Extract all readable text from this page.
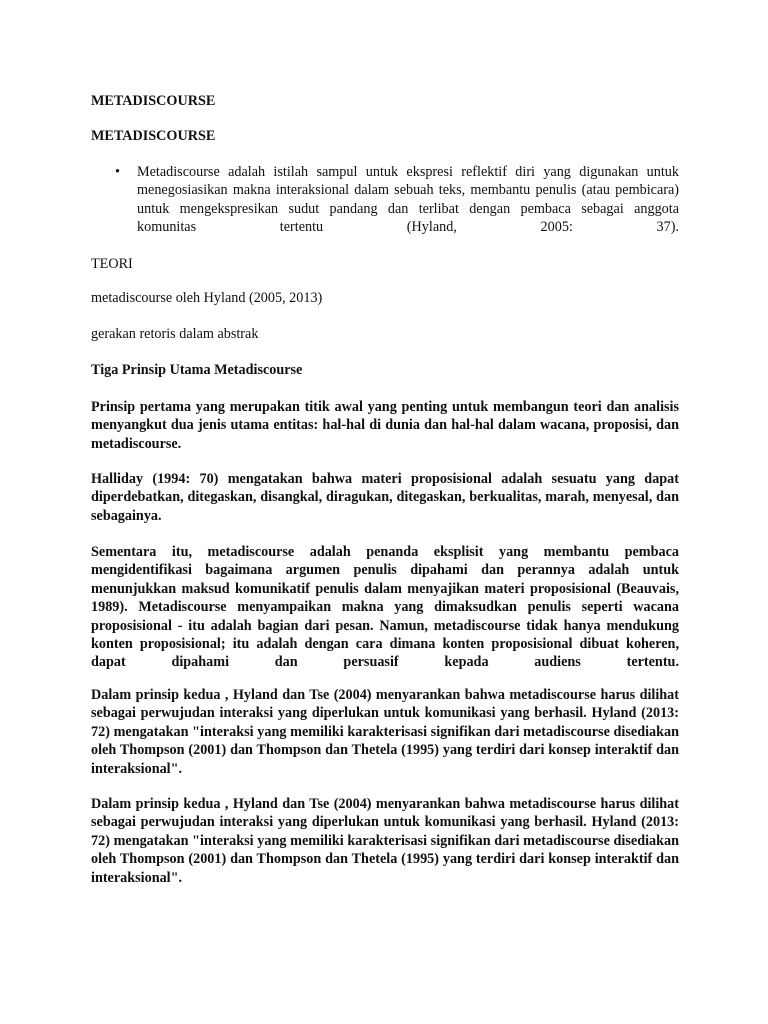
METADISCOURSE

METADISCOURSE

• Metadiscourse adalah istilah sampul untuk ekspresi reflektif diri yang digunakan untuk menegosiasikan makna interaksional dalam sebuah teks, membantu penulis (atau pembicara) untuk mengekspresikan sudut pandang dan terlibat dengan pembaca sebagai anggota komunitas tertentu (Hyland, 2005: 37).

TEORI

metadiscourse oleh Hyland (2005, 2013)

gerakan retoris dalam abstrak

Tiga Prinsip Utama Metadiscourse

Prinsip pertama yang merupakan titik awal yang penting untuk membangun teori dan analisis menyangkut dua jenis utama entitas: hal-hal di dunia dan hal-hal dalam wacana, proposisi, dan metadiscourse.

Halliday (1994: 70) mengatakan bahwa materi proposisional adalah sesuatu yang dapat diperdebatkan, ditegaskan, disangkal, diragukan, ditegaskan, berkualitas, marah, menyesal, dan sebagainya.

Sementara itu, metadiscourse adalah penanda eksplisit yang membantu pembaca mengidentifikasi bagaimana argumen penulis dipahami dan perannya adalah untuk menunjukkan maksud komunikatif penulis dalam menyajikan materi proposisional (Beauvais, 1989). Metadiscourse menyampaikan makna yang dimaksudkan penulis seperti wacana proposisional - itu adalah bagian dari pesan. Namun, metadiscourse tidak hanya mendukung konten proposisional; itu adalah dengan cara dimana konten proposisional dibuat koheren, dapat dipahami dan persuasif kepada audiens tertentu.

Dalam prinsip kedua , Hyland dan Tse (2004) menyarankan bahwa metadiscourse harus dilihat sebagai perwujudan interaksi yang diperlukan untuk komunikasi yang berhasil. Hyland (2013: 72) mengatakan "interaksi yang memiliki karakterisasi signifikan dari metadiscourse disediakan oleh Thompson (2001) dan Thompson dan Thetela (1995) yang terdiri dari konsep interaktif dan interaksional".

Dalam prinsip kedua , Hyland dan Tse (2004) menyarankan bahwa metadiscourse harus dilihat sebagai perwujudan interaksi yang diperlukan untuk komunikasi yang berhasil. Hyland (2013: 72) mengatakan "interaksi yang memiliki karakterisasi signifikan dari metadiscourse disediakan oleh Thompson (2001) dan Thompson dan Thetela (1995) yang terdiri dari konsep interaktif dan interaksional".
